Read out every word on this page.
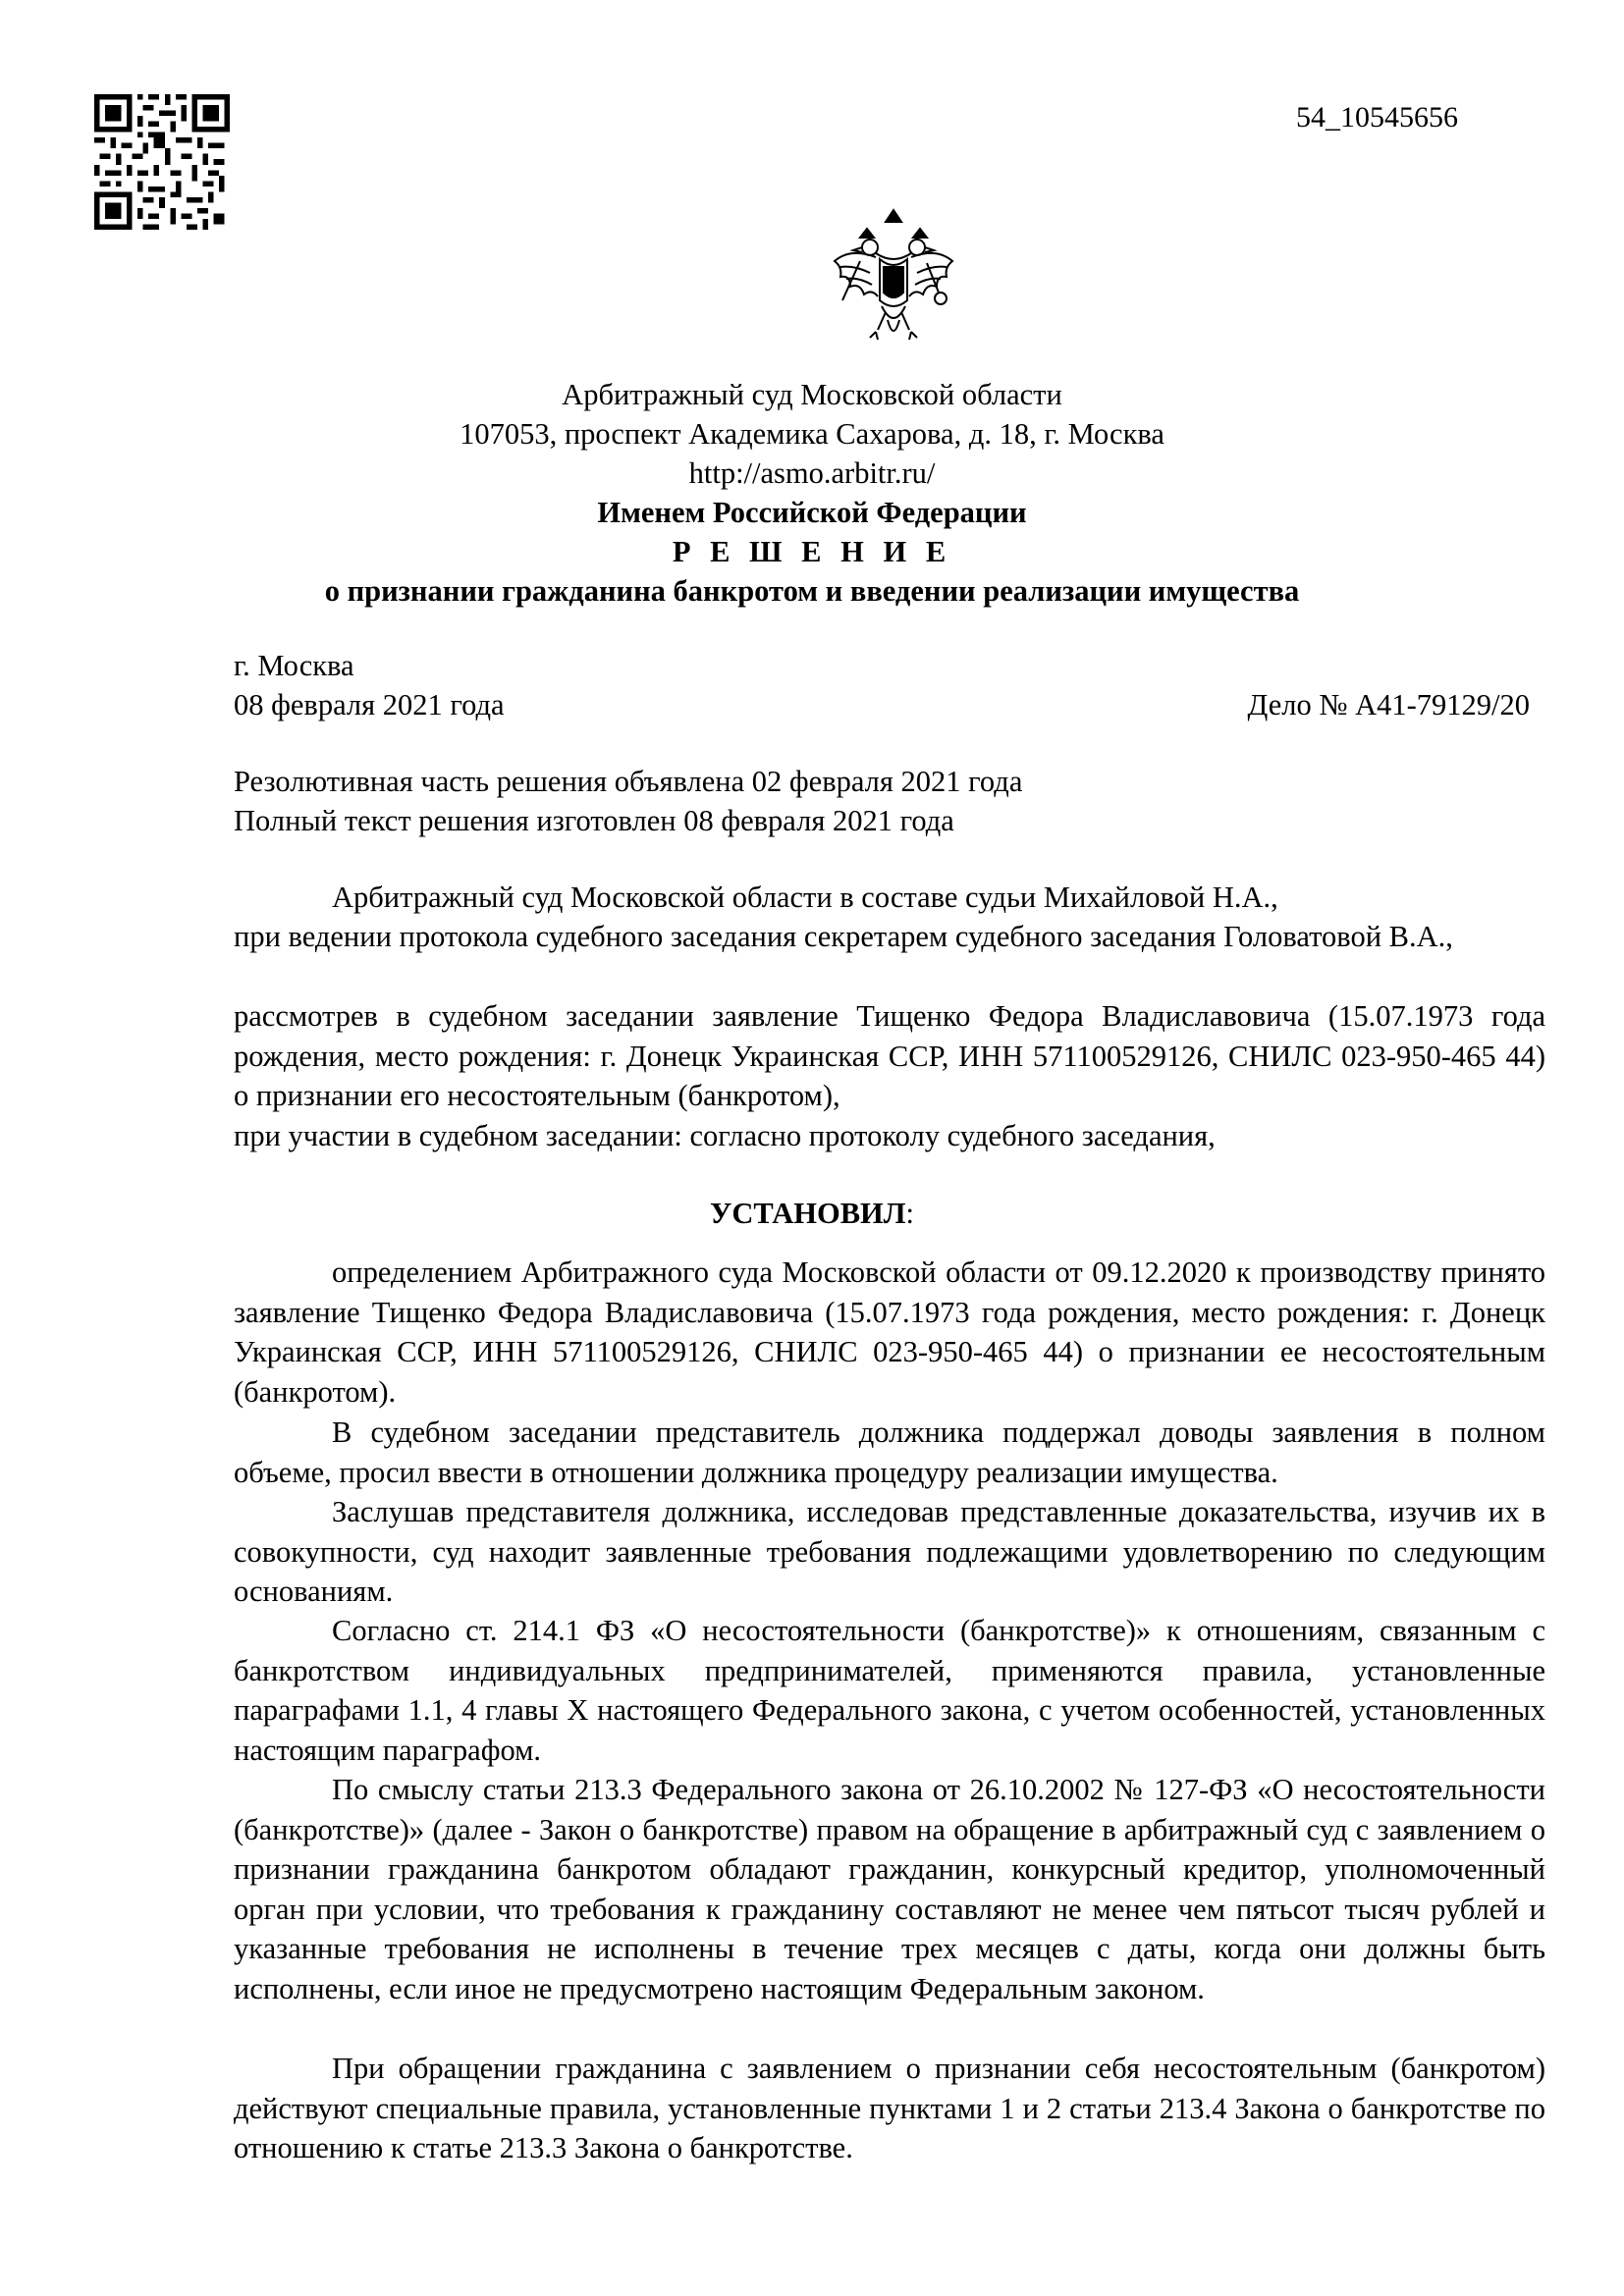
54_10545656
Арбитражный суд Московской области
107053, проспект Академика Сахарова, д. 18, г. Москва
http://asmo.arbitr.ru/
Именем Российской Федерации
Р Е Ш Е Н И Е
о признании гражданина банкротом и введении реализации имущества
г. Москва
08 февраля 2021 года	Дело № А41-79129/20
Резолютивная часть решения объявлена 02 февраля 2021 года
Полный текст решения изготовлен 08 февраля 2021 года
Арбитражный суд Московской области в составе судьи Михайловой Н.А.,
при ведении протокола судебного заседания секретарем судебного заседания Головатовой В.А.,
рассмотрев в судебном заседании заявление Тищенко Федора Владиславовича (15.07.1973 года рождения, место рождения: г. Донецк Украинская ССР, ИНН 571100529126, СНИЛС 023-950-465 44) о признании его несостоятельным (банкротом),
при участии в судебном заседании: согласно протоколу судебного заседания,
УСТАНОВИЛ:
определением Арбитражного суда Московской области от 09.12.2020 к производству принято заявление Тищенко Федора Владиславовича (15.07.1973 года рождения, место рождения: г. Донецк Украинская ССР, ИНН 571100529126, СНИЛС 023-950-465 44) о признании ее несостоятельным (банкротом).
В судебном заседании представитель должника поддержал доводы заявления в полном объеме, просил ввести в отношении должника процедуру реализации имущества.
Заслушав представителя должника, исследовав представленные доказательства, изучив их в совокупности, суд находит заявленные требования подлежащими удовлетворению по следующим основаниям.
Согласно ст. 214.1 ФЗ «О несостоятельности (банкротстве)» к отношениям, связанным с банкротством индивидуальных предпринимателей, применяются правила, установленные параграфами 1.1, 4 главы X настоящего Федерального закона, с учетом особенностей, установленных настоящим параграфом.
По смыслу статьи 213.3 Федерального закона от 26.10.2002 № 127-ФЗ «О несостоятельности (банкротстве)» (далее - Закон о банкротстве) правом на обращение в арбитражный суд с заявлением о признании гражданина банкротом обладают гражданин, конкурсный кредитор, уполномоченный орган при условии, что требования к гражданину составляют не менее чем пятьсот тысяч рублей и указанные требования не исполнены в течение трех месяцев с даты, когда они должны быть исполнены, если иное не предусмотрено настоящим Федеральным законом.
При обращении гражданина с заявлением о признании себя несостоятельным (банкротом) действуют специальные правила, установленные пунктами 1 и 2 статьи 213.4 Закона о банкротстве по отношению к статье 213.3 Закона о банкротстве.
